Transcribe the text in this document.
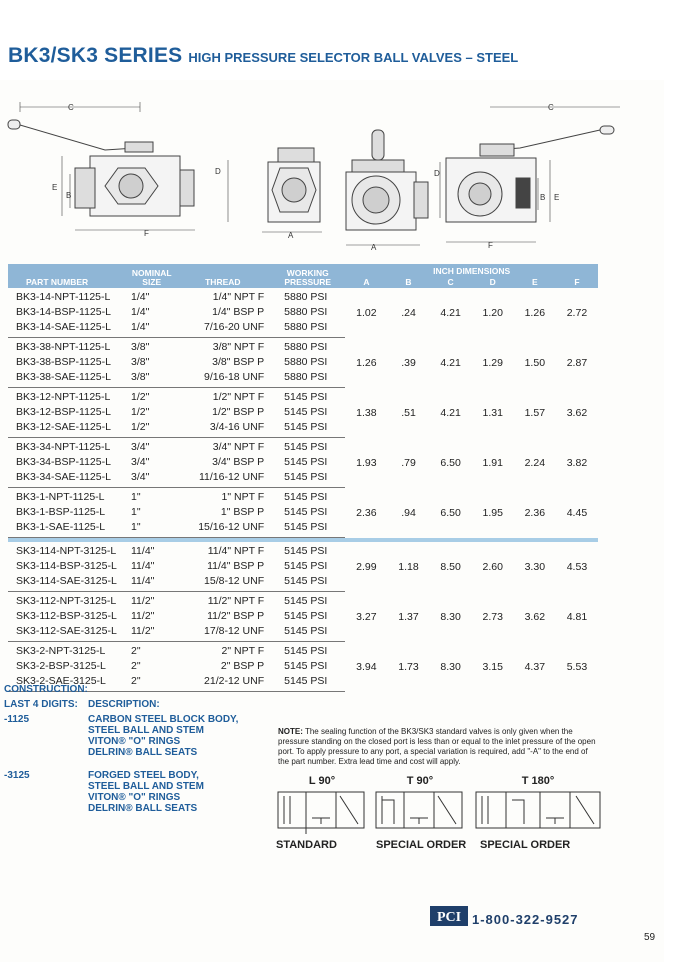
BK3/SK3 SERIES HIGH PRESSURE SELECTOR BALL VALVES – STEEL
C
E
B
F
D
A
C
D
B E
F
A
PART NUMBER	NOMINAL SIZE	THREAD	WORKING PRESSURE	INCH DIMENSIONS					
				A	B	C	D	E	F
BK3-14-NPT-1125-L	1/4"	1/4" NPT F	5880 PSI	1.02	.24	4.21	1.20	1.26	2.72
BK3-14-BSP-1125-L	1/4"	1/4" BSP P	5880 PSI						
BK3-14-SAE-1125-L	1/4"	7/16-20 UNF	5880 PSI						
BK3-38-NPT-1125-L	3/8"	3/8" NPT F	5880 PSI	1.26	.39	4.21	1.29	1.50	2.87
BK3-38-BSP-1125-L	3/8"	3/8" BSP P	5880 PSI						
BK3-38-SAE-1125-L	3/8"	9/16-18 UNF	5880 PSI						
BK3-12-NPT-1125-L	1/2"	1/2" NPT F	5145 PSI	1.38	.51	4.21	1.31	1.57	3.62
BK3-12-BSP-1125-L	1/2"	1/2" BSP P	5145 PSI						
BK3-12-SAE-1125-L	1/2"	3/4-16 UNF	5145 PSI						
BK3-34-NPT-1125-L	3/4"	3/4" NPT F	5145 PSI	1.93	.79	6.50	1.91	2.24	3.82
BK3-34-BSP-1125-L	3/4"	3/4" BSP P	5145 PSI						
BK3-34-SAE-1125-L	3/4"	11/16-12 UNF	5145 PSI						
BK3-1-NPT-1125-L	1"	1" NPT F	5145 PSI	2.36	.94	6.50	1.95	2.36	4.45
BK3-1-BSP-1125-L	1"	1" BSP P	5145 PSI						
BK3-1-SAE-1125-L	1"	15/16-12 UNF	5145 PSI						

SK3-114-NPT-3125-L	11/4"	11/4" NPT F	5145 PSI	2.99	1.18	8.50	2.60	3.30	4.53
SK3-114-BSP-3125-L	11/4"	11/4" BSP P	5145 PSI						
SK3-114-SAE-3125-L	11/4"	15/8-12 UNF	5145 PSI						
SK3-112-NPT-3125-L	11/2"	11/2" NPT F	5145 PSI	3.27	1.37	8.30	2.73	3.62	4.81
SK3-112-BSP-3125-L	11/2"	11/2" BSP P	5145 PSI						
SK3-112-SAE-3125-L	11/2"	17/8-12 UNF	5145 PSI						
SK3-2-NPT-3125-L	2"	2" NPT F	5145 PSI	3.94	1.73	8.30	3.15	4.37	5.53
SK3-2-BSP-3125-L	2"	2" BSP P	5145 PSI						
SK3-2-SAE-3125-L	2"	21/2-12 UNF	5145 PSI						
CONSTRUCTION:
LAST 4 DIGITS: DESCRIPTION:
-1125	CARBON STEEL BLOCK BODY,
STEEL BALL AND STEM
VITON® "O" RINGS
DELRIN® BALL SEATS
-3125	FORGED STEEL BODY,
STEEL BALL AND STEM
VITON® "O" RINGS
DELRIN® BALL SEATS
NOTE: The sealing function of the BK3/SK3 standard valves is only given when the pressure standing on the closed port is less than or equal to the inlet pressure of the open port. To apply pressure to any port, a special variation is required, add "-A" to the end of the part number. Extra lead time and cost will apply.
L 90°	T 90°	T 180°
STANDARD	SPECIAL ORDER SPECIAL ORDER
PCI 1-800-322-9527
59
